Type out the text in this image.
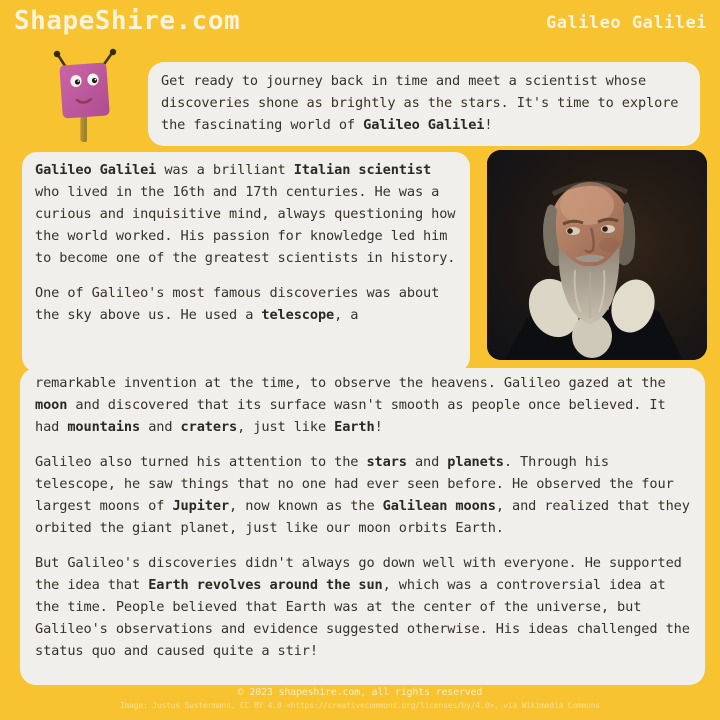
ShapeShire.com	Galileo Galilei

Get ready to journey back in time and meet a scientist whose discoveries shone as brightly as the stars. It's time to explore the fascinating world of Galileo Galilei!

Galileo Galilei was a brilliant Italian scientist who lived in the 16th and 17th centuries. He was a curious and inquisitive mind, always questioning how the world worked. His passion for knowledge led him to become one of the greatest scientists in history.

One of Galileo's most famous discoveries was about the sky above us. He used a telescope, a

remarkable invention at the time, to observe the heavens. Galileo gazed at the moon and discovered that its surface wasn't smooth as people once believed. It had mountains and craters, just like Earth!

Galileo also turned his attention to the stars and planets. Through his telescope, he saw things that no one had ever seen before. He observed the four largest moons of Jupiter, now known as the Galilean moons, and realized that they orbited the giant planet, just like our moon orbits Earth.

But Galileo's discoveries didn't always go down well with everyone. He supported the idea that Earth revolves around the sun, which was a controversial idea at the time. People believed that Earth was at the center of the universe, but Galileo's observations and evidence suggested otherwise. His ideas challenged the status quo and caused quite a stir!

© 2023 shapeshire.com, all rights reserved
Image: Justus Sustermans, CC BY 4.0 <https://creativecommons.org/licenses/by/4.0>, via Wikimedia Commons
